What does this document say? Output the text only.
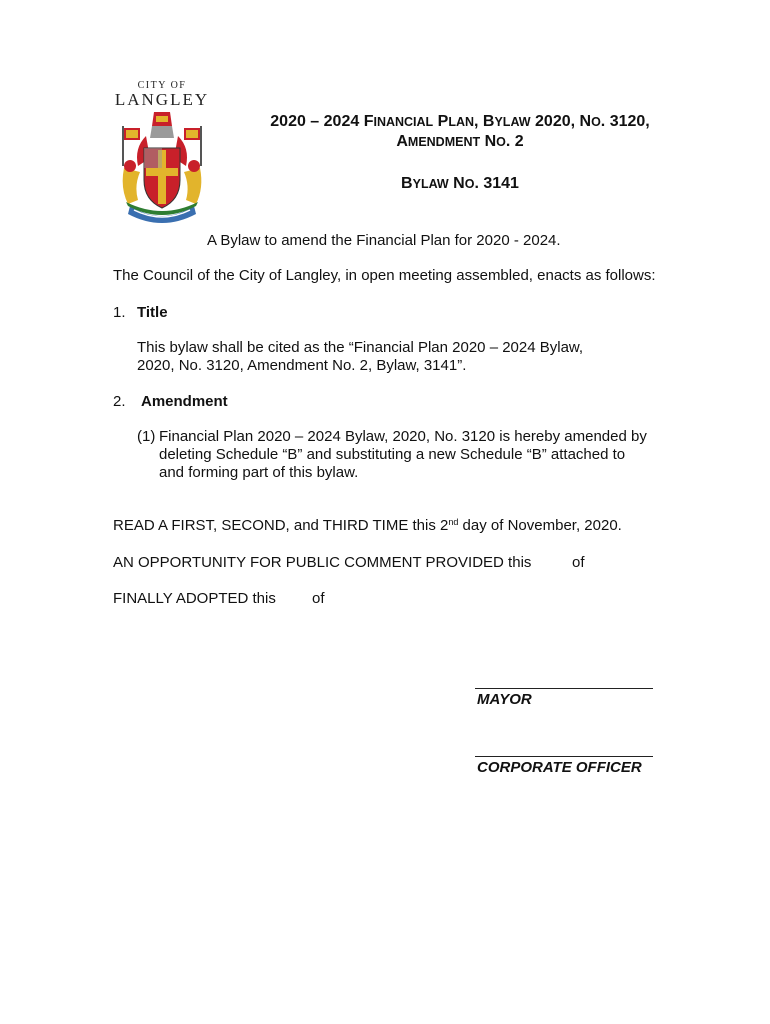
CITY OF
LANGLEY
2020 – 2024 FINANCIAL PLAN, BYLAW 2020, NO. 3120,
AMENDMENT NO. 2
BYLAW NO. 3141
A Bylaw to amend the Financial Plan for 2020 - 2024.
The Council of the City of Langley, in open meeting assembled, enacts as follows:
1. Title
This bylaw shall be cited as the “Financial Plan 2020 – 2024 Bylaw,
2020, No. 3120, Amendment No. 2, Bylaw, 3141”.
2. Amendment
(1) Financial Plan 2020 – 2024 Bylaw, 2020, No. 3120 is hereby amended by
deleting Schedule “B” and substituting a new Schedule “B” attached to
and forming part of this bylaw.
READ A FIRST, SECOND, and THIRD TIME this 2nd day of November, 2020.
AN OPPORTUNITY FOR PUBLIC COMMENT PROVIDED this	of
FINALLY ADOPTED this of
MAYOR
CORPORATE OFFICER
